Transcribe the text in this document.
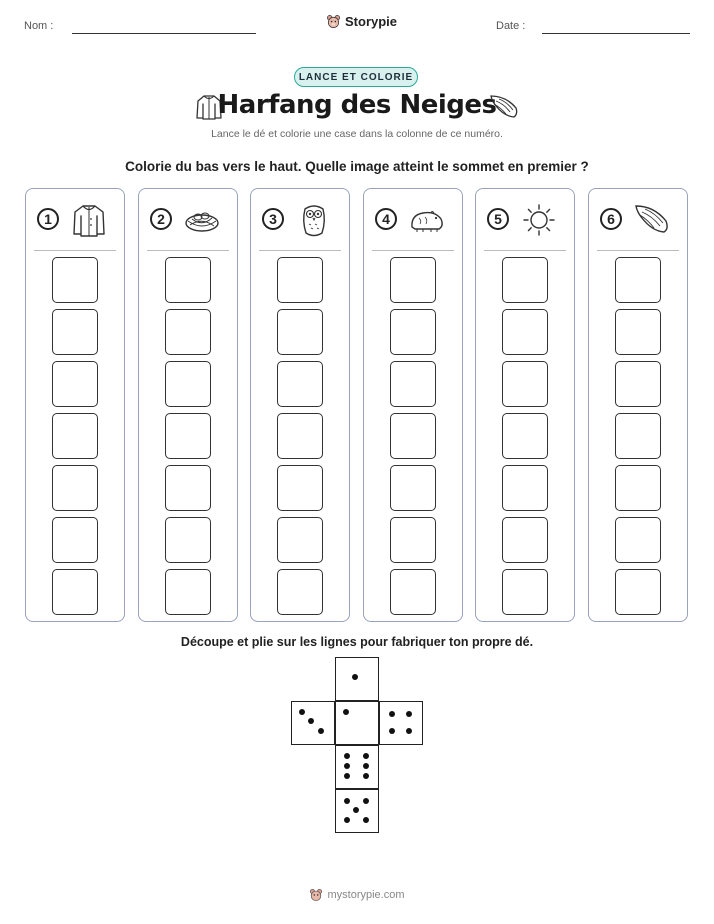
Nom :	Storypie	Date :
LANCE ET COLORIE
Harfang des Neiges
Lance le dé et colorie une case dans la colonne de ce numéro.
Colorie du bas vers le haut. Quelle image atteint le sommet en premier ?
1	2	3	4	5	6
Découpe et plie sur les lignes pour fabriquer ton propre dé.
mystorypie.com
